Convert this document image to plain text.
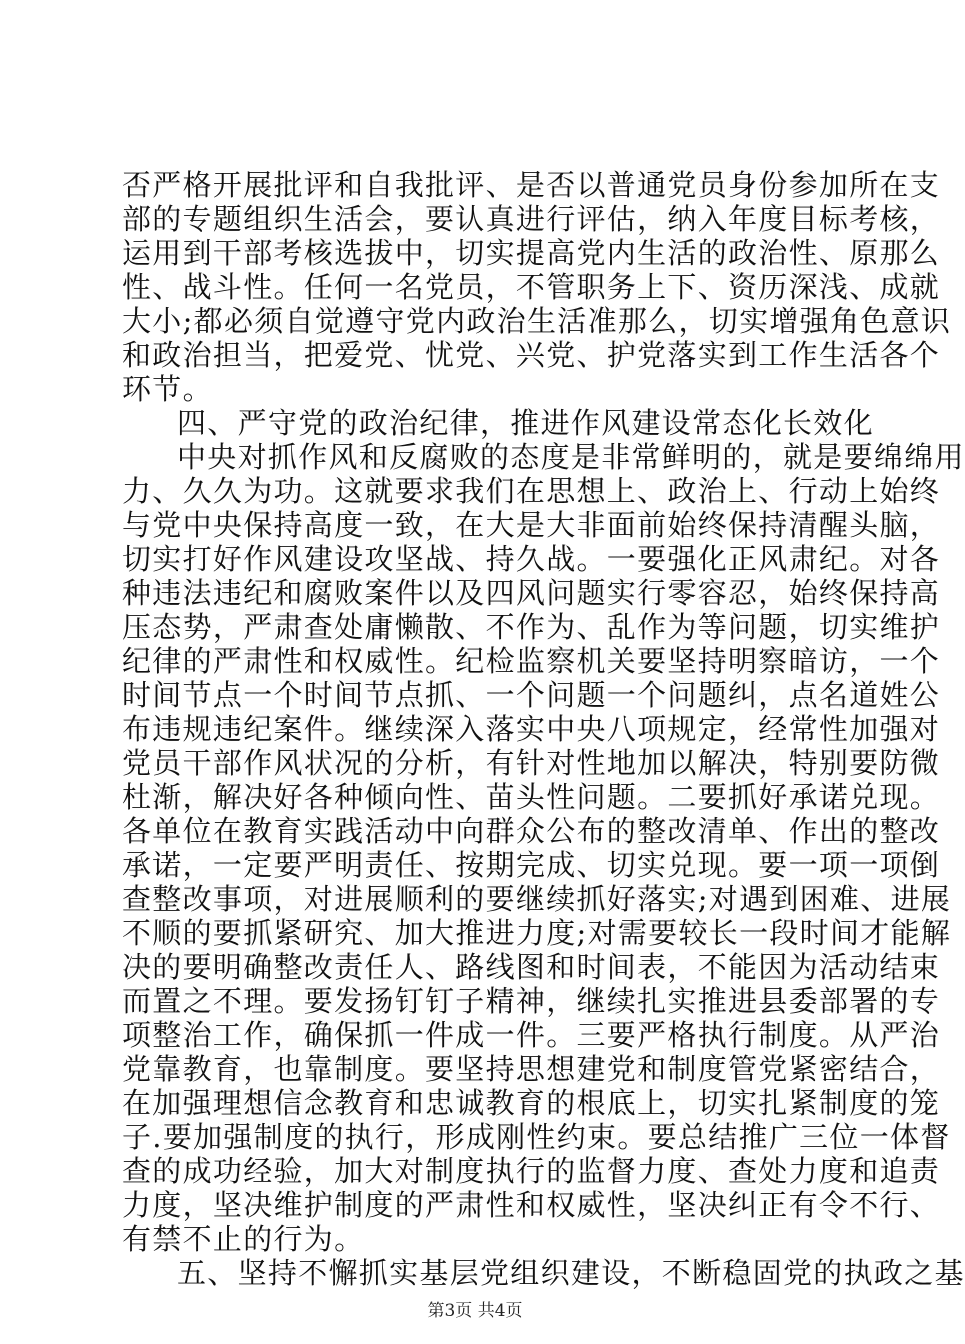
否严格开展批评和自我批评、是否以普通党员身份参加所在支
部的专题组织生活会，要认真进行评估，纳入年度目标考核，
运用到干部考核选拔中，切实提高党内生活的政治性、原那么
性、战斗性。任何一名党员，不管职务上下、资历深浅、成就
大小;都必须自觉遵守党内政治生活准那么，切实增强角色意识
和政治担当，把爱党、忧党、兴党、护党落实到工作生活各个
环节。
四、严守党的政治纪律，推进作风建设常态化长效化
中央对抓作风和反腐败的态度是非常鲜明的，就是要绵绵用
力、久久为功。这就要求我们在思想上、政治上、行动上始终
与党中央保持高度一致，在大是大非面前始终保持清醒头脑，
切实打好作风建设攻坚战、持久战。一要强化正风肃纪。对各
种违法违纪和腐败案件以及四风问题实行零容忍，始终保持高
压态势，严肃查处庸懒散、不作为、乱作为等问题，切实维护
纪律的严肃性和权威性。纪检监察机关要坚持明察暗访，一个
时间节点一个时间节点抓、一个问题一个问题纠，点名道姓公
布违规违纪案件。继续深入落实中央八项规定，经常性加强对
党员干部作风状况的分析，有针对性地加以解决，特别要防微
杜渐，解决好各种倾向性、苗头性问题。二要抓好承诺兑现。
各单位在教育实践活动中向群众公布的整改清单、作出的整改
承诺，一定要严明责任、按期完成、切实兑现。要一项一项倒
查整改事项，对进展顺利的要继续抓好落实;对遇到困难、进展
不顺的要抓紧研究、加大推进力度;对需要较长一段时间才能解
决的要明确整改责任人、路线图和时间表，不能因为活动结束
而置之不理。要发扬钉钉子精神，继续扎实推进县委部署的专
项整治工作，确保抓一件成一件。三要严格执行制度。从严治
党靠教育，也靠制度。要坚持思想建党和制度管党紧密结合，
在加强理想信念教育和忠诚教育的根底上，切实扎紧制度的笼
子.要加强制度的执行，形成刚性约束。要总结推广三位一体督
查的成功经验，加大对制度执行的监督力度、查处力度和追责
力度，坚决维护制度的严肃性和权威性，坚决纠正有令不行、
有禁不止的行为。
五、坚持不懈抓实基层党组织建设，不断稳固党的执政之基
第3页 共4页
